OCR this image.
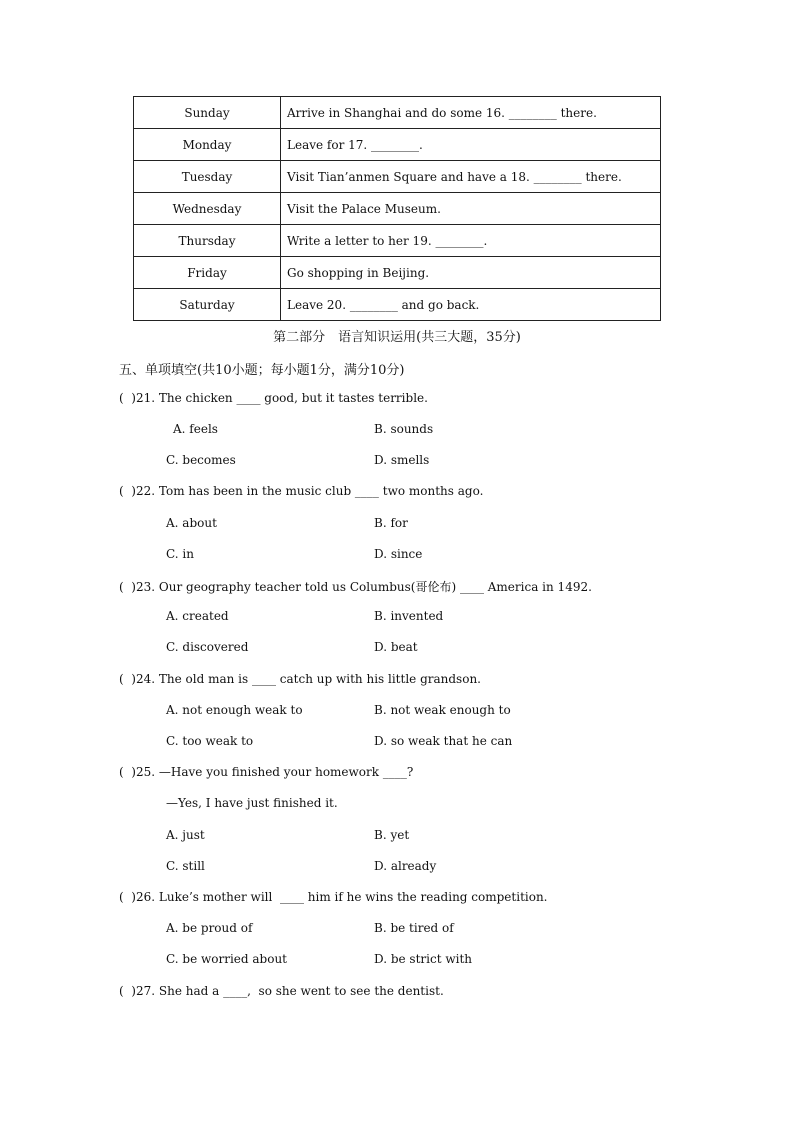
Sunday	Arrive in Shanghai and do some 16. ________ there.
Monday	Leave for 17. ________.
Tuesday	Visit Tian’anmen Square and have a 18. ________ there.
Wednesday	Visit the Palace Museum.
Thursday	Write a letter to her 19. ________.
Friday	Go shopping in Beijing.
Saturday	Leave 20. ________ and go back.
第二部分　语言知识运用(共三大题，35分)
五、单项填空(共10小题；每小题1分，满分10分)
(  )21. The chicken ____ good, but it tastes terrible.
A. feels	B. sounds
C. becomes	D. smells
(  )22. Tom has been in the music club ____ two months ago.
A. about	B. for
C. in	D. since
(  )23. Our geography teacher told us Columbus(哥伦布) ____ America in 1492.
A. created	B. invented
C. discovered	D. beat
(  )24. The old man is ____ catch up with his little grandson.
A. not enough weak to	B. not weak enough to
C. too weak to	D. so weak that he can
(  )25. —Have you finished your homework ____?
—Yes, I have just finished it.
A. just	B. yet
C. still	D. already
(  )26. Luke’s mother will  ____ him if he wins the reading competition.
A. be proud of	B. be tired of
C. be worried about	D. be strict with
(  )27. She had a ____,  so she went to see the dentist.
